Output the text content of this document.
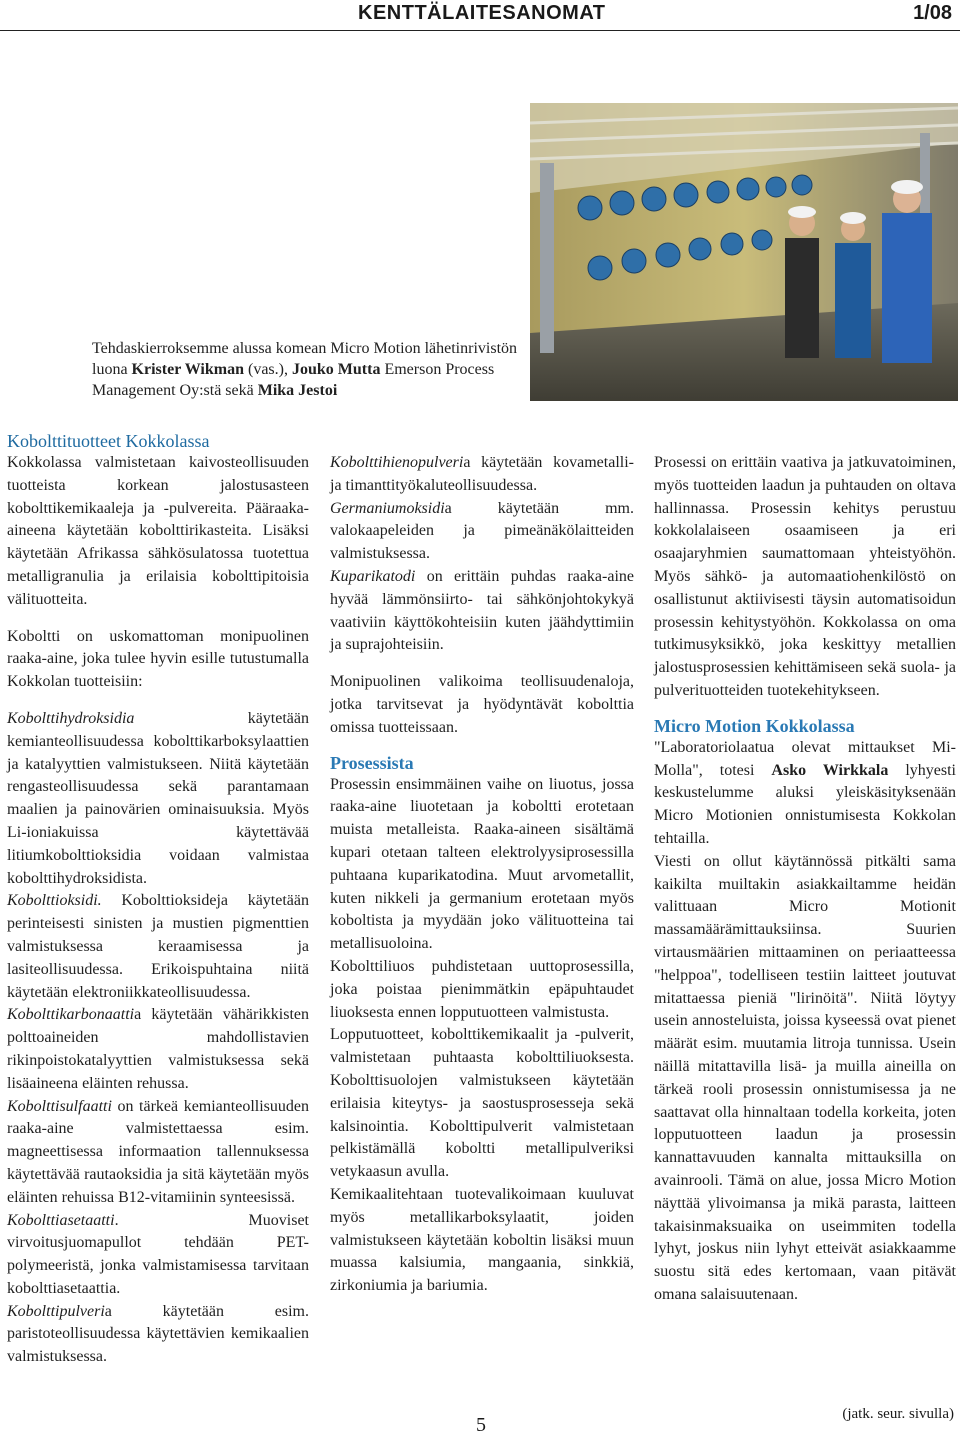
KENTTÄLAITESANOMAT	1/08
Tehdaskierroksemme alussa komean Micro Motion lähetinrivistön luona Krister Wikman (vas.), Jouko Mutta Emerson Process Management Oy:stä sekä Mika Jestoi
Kobolttituotteet Kokkolassa

Kokkolassa valmistetaan kaivosteollisuuden tuotteista korkean jalostusasteen kobolttikemikaaleja ja -pulvereita. Pääraaka-aineena käytetään kobolttirikasteita. Lisäksi käytetään Afrikassa sähkösulatossa tuotettua metalligranulia ja erilaisia kobolttipitoisia välituotteita.

Koboltti on uskomattoman monipuolinen raaka-aine, joka tulee hyvin esille tutustumalla Kokkolan tuotteisiin:

Kobolttihydroksidia käytetään kemianteollisuudessa kobolttikarboksylaattien ja katalyyttien valmistukseen. Niitä käytetään rengasteollisuudessa sekä parantamaan maalien ja painovärien ominaisuuksia. Myös Li-ioniakuissa käytettävää litiumkobolttioksidia voidaan valmistaa kobolttihydroksidista.

Kobolttioksidi. Kobolttioksideja käytetään perinteisesti sinisten ja mustien pigmenttien valmistuksessa keraamisessa ja lasiteollisuudessa. Erikoispuhtaina niitä käytetään elektroniikkateollisuudessa.

Kobolttikarbonaattia käytetään vähärikkisten polttoaineiden mahdollistavien rikinpoistokatalyyttien valmistuksessa sekä lisäaineena eläinten rehussa.

Kobolttisulfaatti on tärkeä kemianteollisuuden raaka-aine valmistettaessa esim. magneettisessa informaation tallennuksessa käytettävää rautaoksidia ja sitä käytetään myös eläinten rehuissa B12-vitamiinin synteesissä.

Kobolttiasetaatti. Muoviset virvoitusjuomapullot tehdään PET-polymeeristä, jonka valmistamisessa tarvitaan kobolttiasetaattia.

Kobolttipulveria käytetään esim. paristoteollisuudessa käytettävien kemikaalien valmistuksessa.

Kobolttihienopulveria käytetään kovametalli- ja timanttityökaluteollisuudessa.

Germaniumoksidia käytetään mm. valokaapeleiden ja pimeänäkölaitteiden valmistuksessa.

Kuparikatodi on erittäin puhdas raaka-aine hyvää lämmönsiirto- tai sähkönjohtokykyä vaativiin käyttökohteisiin kuten jäähdyttimiin ja suprajohteisiin.

Monipuolinen valikoima teollisuudenaloja, jotka tarvitsevat ja hyödyntävät kobolttia omissa tuotteissaan.

Prosessista

Prosessin ensimmäinen vaihe on liuotus, jossa raaka-aine liuotetaan ja koboltti erotetaan muista metalleista. Raaka-aineen sisältämä kupari otetaan talteen elektrolyysiprosessilla puhtaana kuparikatodina. Muut arvometallit, kuten nikkeli ja germanium erotetaan myös koboltista ja myydään joko välituotteina tai metallisuoloina.

Kobolttiliuos puhdistetaan uuttoprosessilla, joka poistaa pienimmätkin epäpuhtaudet liuoksesta ennen lopputuotteen valmistusta.

Lopputuotteet, kobolttikemikaalit ja -pulverit, valmistetaan puhtaasta kobolttiliuoksesta. Kobolttisuolojen valmistukseen käytetään erilaisia kiteytys- ja saostusprosesseja sekä kalsinointia. Kobolttipulverit valmistetaan pelkistämällä koboltti metallipulveriksi vetykaasun avulla.

Kemikaalitehtaan tuotevalikoimaan kuuluvat myös metallikarboksylaatit, joiden valmistukseen käytetään koboltin lisäksi muun muassa kalsiumia, mangaania, sinkkiä, zirkoniumia ja bariumia.

Prosessi on erittäin vaativa ja jatkuvatoiminen, myös tuotteiden laadun ja puhtauden on oltava hallinnassa. Prosessin kehitys perustuu kokkolalaiseen osaamiseen ja eri osaajaryhmien saumattomaan yhteistyöhön. Myös sähkö- ja automaatiohenkilöstö on osallistunut aktiivisesti täysin automatisoidun prosessin kehitystyöhön. Kokkolassa on oma tutkimusyksikkö, joka keskittyy metallien jalostusprosessien kehittämiseen sekä suola- ja pulverituotteiden tuotekehitykseen.

Micro Motion Kokkolassa

"Laboratoriolaatua olevat mittaukset Mi-Molla", totesi Asko Wirkkala lyhyesti keskustelumme aluksi yleiskäsityksenään Micro Motionien onnistumisesta Kokkolan tehtailla.

Viesti on ollut käytännössä pitkälti sama kaikilta muiltakin asiakkailtamme heidän valittuaan Micro Motionit massamäärämittauksiinsa. Suurien virtausmäärien mittaaminen on periaatteessa "helppoa", todelliseen testiin laitteet joutuvat mitattaessa pieniä "lirinöitä". Niitä löytyy usein annosteluista, joissa kyseessä ovat pienet määrät esim. muutamia litroja tunnissa. Usein näillä mitattavilla lisä- ja muilla aineilla on tärkeä rooli prosessin onnistumisessa ja ne saattavat olla hinnaltaan todella korkeita, joten lopputuotteen laadun ja prosessin kannattavuuden kannalta mittauksilla on avainrooli. Tämä on alue, jossa Micro Motion näyttää ylivoimansa ja mikä parasta, laitteen takaisinmaksuaika on useimmiten todella lyhyt, joskus niin lyhyt etteivät asiakkaamme suostu sitä edes kertomaan, vaan pitävät omana salaisuutenaan.

5	(jatk. seur. sivulla)
